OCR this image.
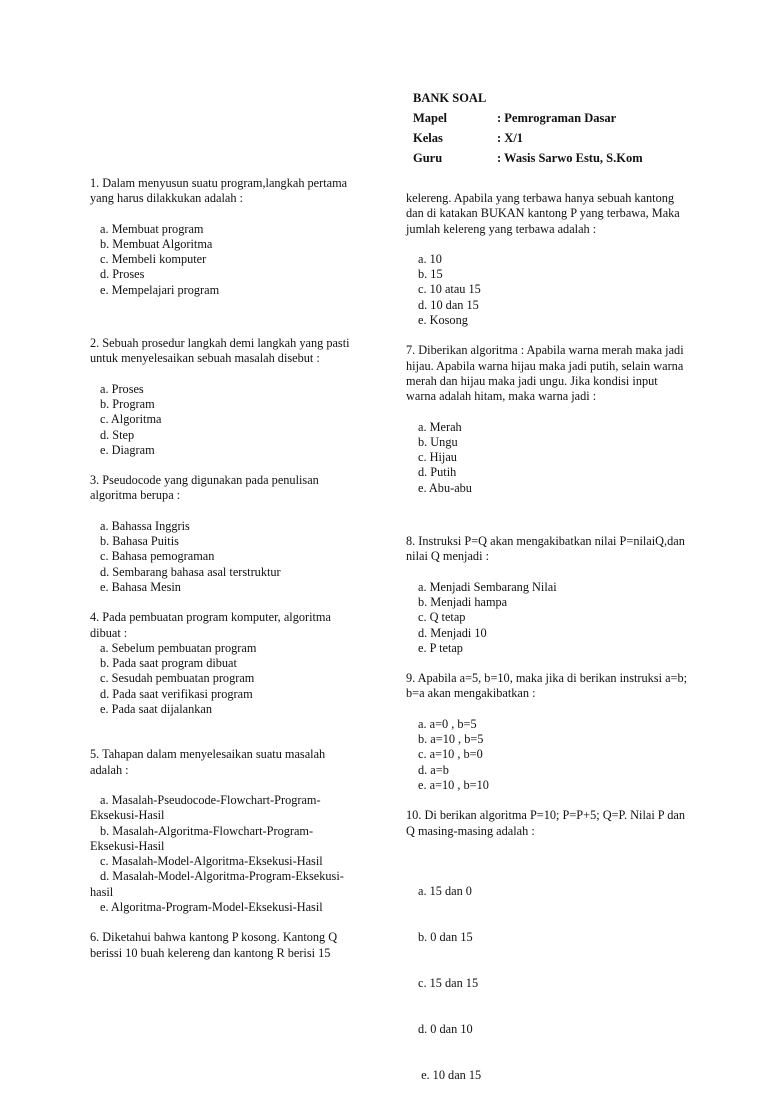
BANK SOAL
Mapel	: Pemrograman Dasar
Kelas	: X/1
Guru	: Wasis Sarwo Estu, S.Kom

1. Dalam menyusun suatu program,langkah pertama yang harus dilakkukan adalah :

a. Membuat program
b. Membuat Algoritma
c. Membeli komputer
d. Proses
e. Mempelajari program

2. Sebuah prosedur langkah demi langkah yang pasti untuk menyelesaikan sebuah masalah disebut :

a. Proses
b. Program
c. Algoritma
d. Step
e. Diagram

3. Pseudocode yang digunakan pada penulisan algoritma berupa :

a. Bahassa Inggris
b. Bahasa Puitis
c. Bahasa pemograman
d. Sembarang bahasa asal terstruktur
e. Bahasa Mesin

4. Pada pembuatan program komputer, algoritma dibuat :

a. Sebelum pembuatan program
b. Pada saat program dibuat
c. Sesudah pembuatan program
d. Pada saat verifikasi program
e. Pada saat dijalankan

5. Tahapan dalam menyelesaikan suatu masalah adalah :

a. Masalah-Pseudocode-Flowchart-Program-Eksekusi-Hasil
b. Masalah-Algoritma-Flowchart-Program-Eksekusi-Hasil
c. Masalah-Model-Algoritma-Eksekusi-Hasil
d. Masalah-Model-Algoritma-Program-Eksekusi-hasil
e. Algoritma-Program-Model-Eksekusi-Hasil

6. Diketahui bahwa kantong P kosong. Kantong Q berissi 10 buah kelereng dan kantong R berisi 15

kelereng. Apabila yang terbawa hanya sebuah kantong dan di katakan BUKAN kantong P yang terbawa, Maka jumlah kelereng yang terbawa adalah :

a. 10
b. 15
c. 10 atau 15
d. 10 dan 15
e. Kosong

7. Diberikan algoritma : Apabila warna merah maka jadi hijau. Apabila warna hijau maka jadi putih, selain warna merah dan hijau maka jadi ungu. Jika kondisi input warna adalah hitam, maka warna jadi :

a. Merah
b. Ungu
c. Hijau
d. Putih
e. Abu-abu

8. Instruksi P=Q akan mengakibatkan nilai P=nilaiQ,dan nilai Q menjadi :

a. Menjadi Sembarang Nilai
b. Menjadi hampa
c. Q tetap
d. Menjadi 10
e. P tetap

9. Apabila a=5, b=10, maka jika di berikan instruksi a=b; b=a akan mengakibatkan :

a. a=0 , b=5
b. a=10 , b=5
c. a=10 , b=0
d. a=b
e. a=10 , b=10

10. Di berikan algoritma P=10; P=P+5; Q=P. Nilai P dan Q masing-masing adalah :

a. 15 dan 0

b. 0 dan 15

c. 15 dan 15

d. 0 dan 10

e. 10 dan 15
